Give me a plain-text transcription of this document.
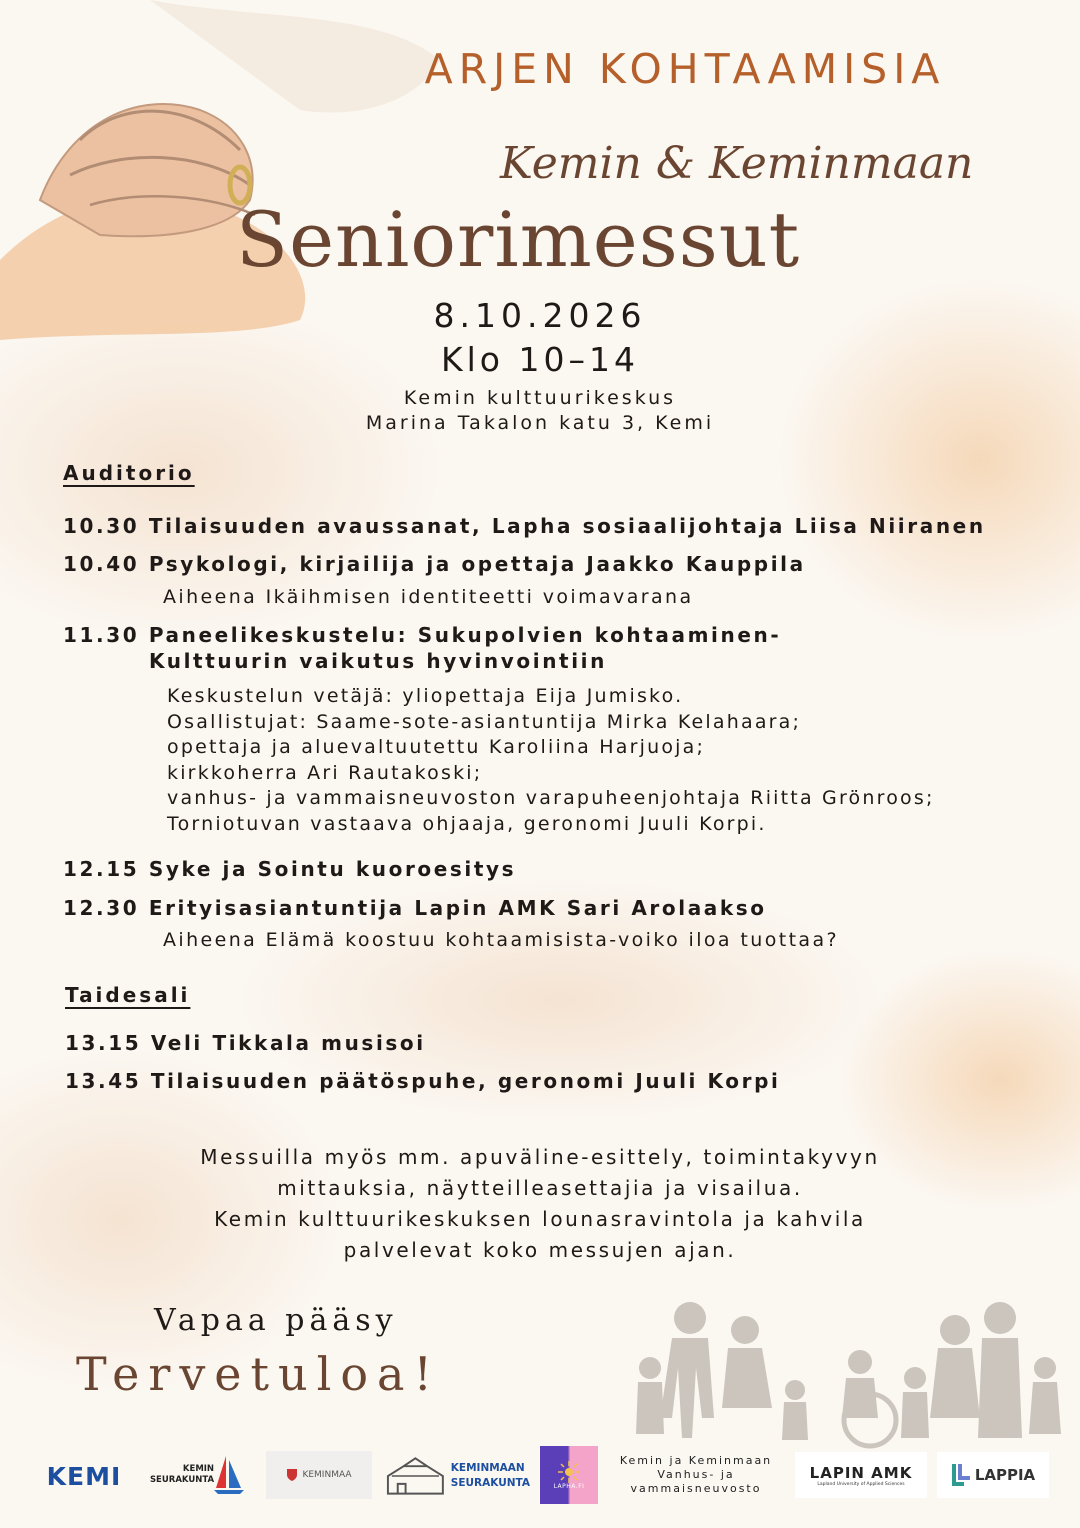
ARJEN KOHTAAMISIA
Kemin & Keminmaan
Seniorimessut
8.10.2026
Klo 10–14
Kemin kulttuurikeskus
Marina Takalon katu 3, Kemi
Auditorio
10.30 Tilaisuuden avaussanat, Lapha sosiaalijohtaja Liisa Niiranen
10.40 Psykologi, kirjailija ja opettaja Jaakko Kauppila
Aiheena Ikäihmisen identiteetti voimavarana
11.30 Paneelikeskustelu: Sukupolvien kohtaaminen-
Kulttuurin vaikutus hyvinvointiin
Keskustelun vetäjä: yliopettaja Eija Jumisko.
Osallistujat: Saame-sote-asiantuntija Mirka Kelahaara;
opettaja ja aluevaltuutettu Karoliina Harjuoja;
kirkkoherra Ari Rautakoski;
vanhus- ja vammaisneuvoston varapuheenjohtaja Riitta Grönroos;
Torniotuvan vastaava ohjaaja, geronomi Juuli Korpi.
12.15 Syke ja Sointu kuoroesitys
12.30 Erityisasiantuntija Lapin AMK Sari Arolaakso
Aiheena Elämä koostuu kohtaamisista-voiko iloa tuottaa?
Taidesali
13.15 Veli Tikkala musisoi
13.45 Tilaisuuden päätöspuhe, geronomi Juuli Korpi
Messuilla myös mm. apuväline-esittely, toimintakyvyn
mittauksia, näytteilleasettajia ja visailua.
Kemin kulttuurikeskuksen lounasravintola ja kahvila
palvelevat koko messujen ajan.
Vapaa pääsy
Tervetuloa!
KEMI	KEMIN
SEURAKUNTA	KEMINMAA
KEMINMAAN
SEURAKUNTA	LAPHA.FI
Kemin ja Keminmaan
Vanhus- ja
vammaisneuvosto
LAPIN AMK
Lapland University of Applied Sciences	LAPPIA
